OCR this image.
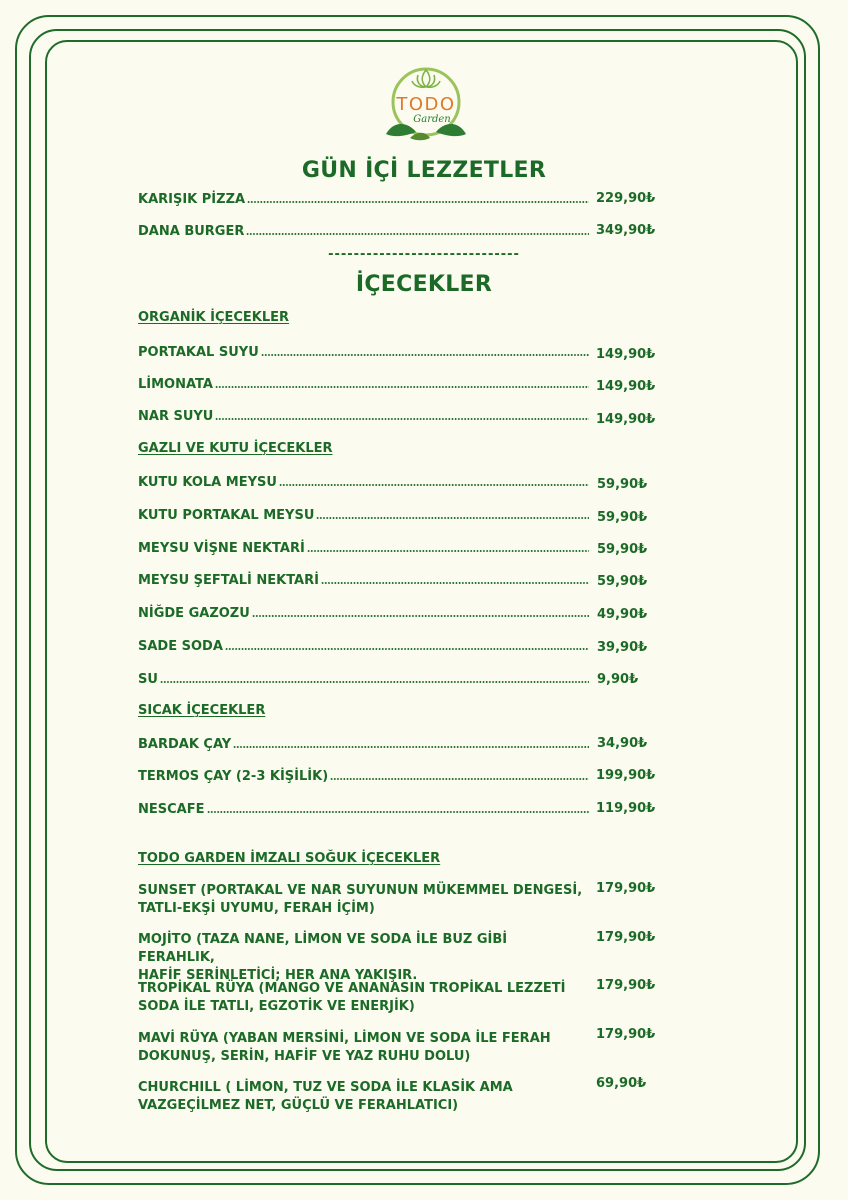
TODO
Garden
GÜN İÇİ LEZZETLER
KARIŞIK PİZZA	229,90₺
DANA BURGER	349,90₺
------------------------------
İÇECEKLER
ORGANİK İÇECEKLER
PORTAKAL SUYU	149,90₺
LİMONATA	149,90₺
NAR SUYU	149,90₺
GAZLI VE KUTU İÇECEKLER
KUTU KOLA MEYSU	59,90₺
KUTU PORTAKAL MEYSU	59,90₺
MEYSU VİŞNE NEKTARİ	59,90₺
MEYSU ŞEFTALİ NEKTARİ	59,90₺
NİĞDE GAZOZU	49,90₺
SADE SODA	39,90₺
SU	9,90₺
SICAK İÇECEKLER
BARDAK ÇAY	34,90₺
TERMOS ÇAY (2-3 KİŞİLİK)	199,90₺
NESCAFE	119,90₺
TODO GARDEN İMZALI SOĞUK İÇECEKLER
SUNSET (PORTAKAL VE NAR SUYUNUN MÜKEMMEL DENGESİ,
TATLI-EKŞİ UYUMU, FERAH İÇİM)
179,90₺
MOJİTO (TAZA NANE, LİMON VE SODA İLE BUZ GİBİ FERAHLIK,
HAFİF SERİNLETİCİ; HER ANA YAKIŞIR.
179,90₺
TROPİKAL RÜYA (MANGO VE ANANASIN TROPİKAL LEZZETİ
SODA İLE TATLI, EGZOTİK VE ENERJİK)
179,90₺
MAVİ RÜYA (YABAN MERSİNİ, LİMON VE SODA İLE FERAH
DOKUNUŞ, SERİN, HAFİF VE YAZ RUHU DOLU)
179,90₺
CHURCHILL ( LİMON, TUZ VE SODA İLE KLASİK AMA
VAZGEÇİLMEZ NET, GÜÇLÜ VE FERAHLATICI)
69,90₺
